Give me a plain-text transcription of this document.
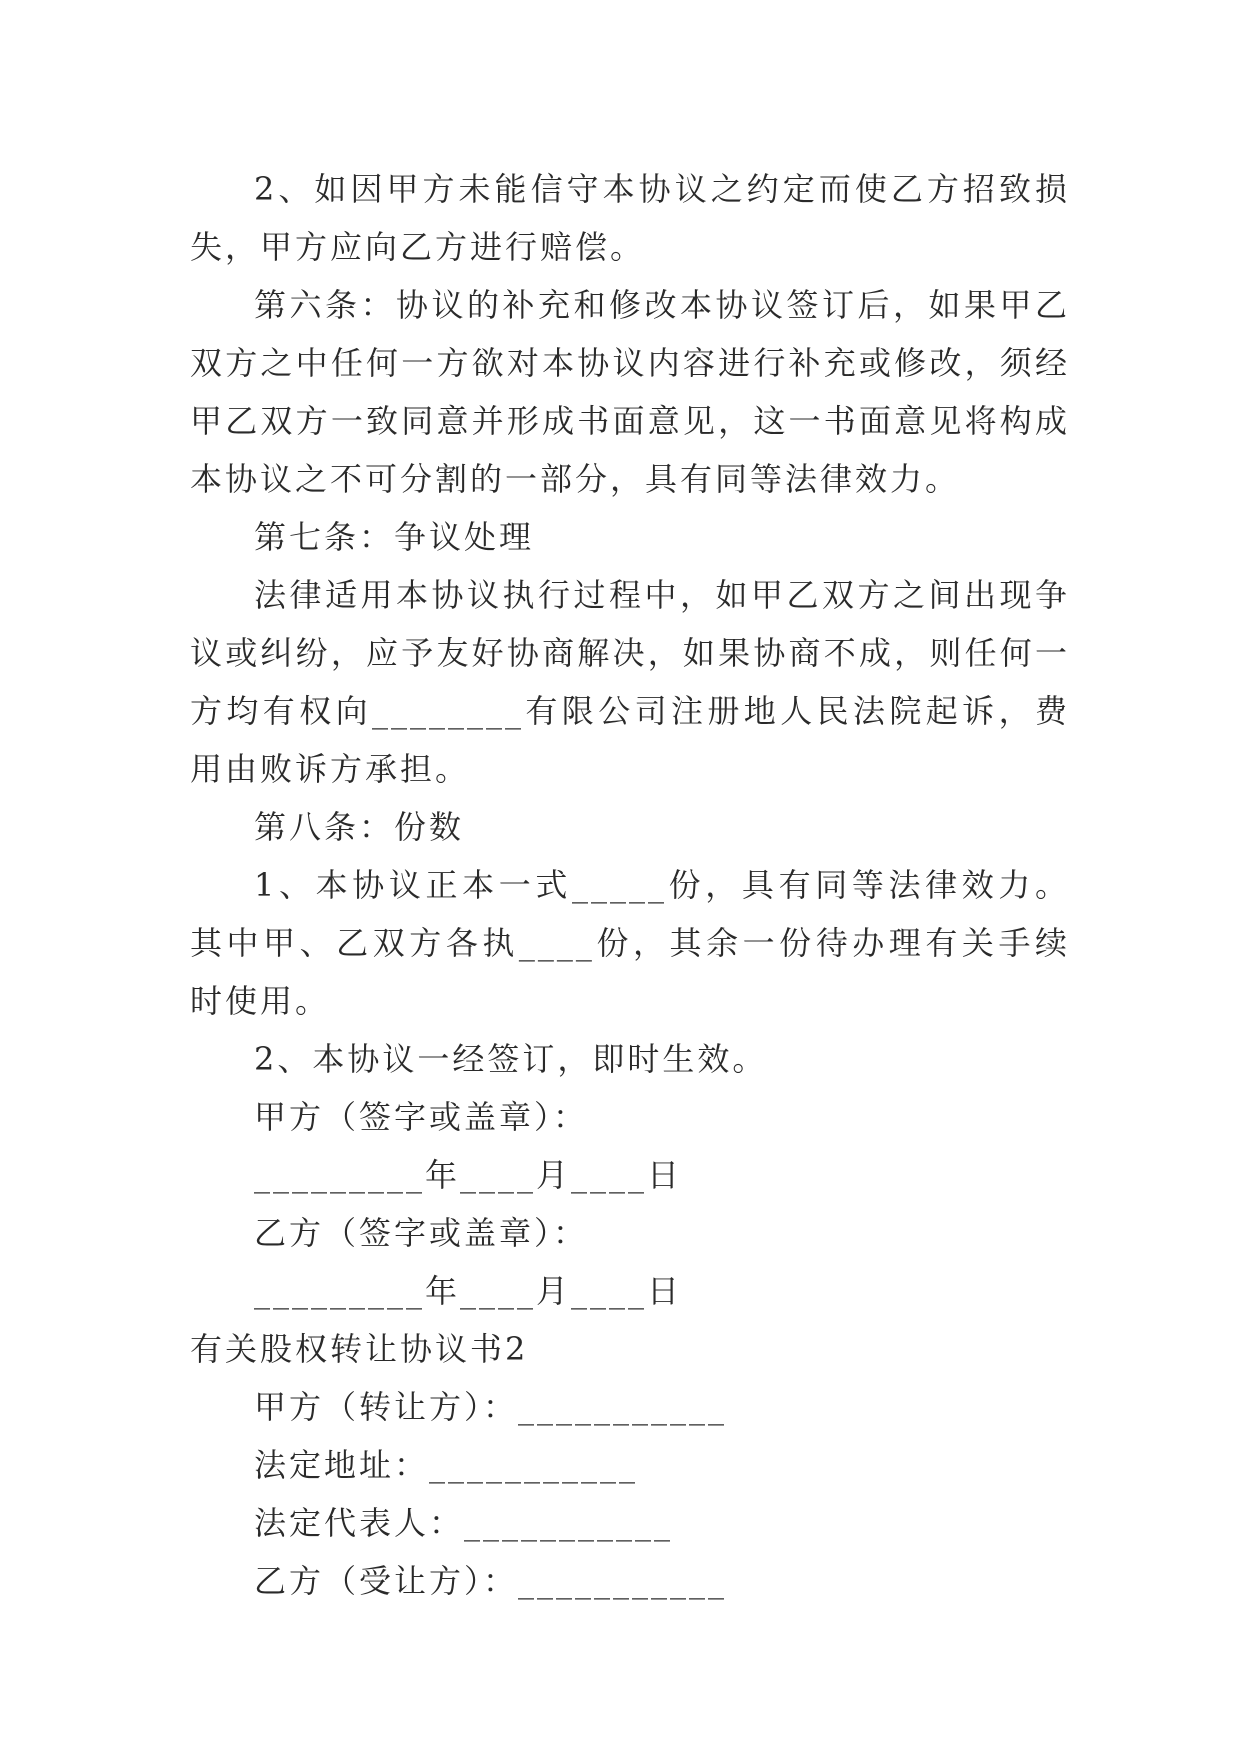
2、如因甲方未能信守本协议之约定而使乙方招致损失，甲方应向乙方进行赔偿。

第六条：协议的补充和修改本协议签订后，如果甲乙双方之中任何一方欲对本协议内容进行补充或修改，须经甲乙双方一致同意并形成书面意见，这一书面意见将构成本协议之不可分割的一部分，具有同等法律效力。

第七条：争议处理

法律适用本协议执行过程中，如甲乙双方之间出现争议或纠纷，应予友好协商解决，如果协商不成，则任何一方均有权向________有限公司注册地人民法院起诉，费用由败诉方承担。

第八条：份数

1、本协议正本一式_____份，具有同等法律效力。其中甲、乙双方各执____份，其余一份待办理有关手续时使用。

2、本协议一经签订，即时生效。

甲方（签字或盖章）：

_________年____月____日

乙方（签字或盖章）：

_________年____月____日

有关股权转让协议书2

甲方（转让方）：___________

法定地址：___________

法定代表人：___________

乙方（受让方）：___________
